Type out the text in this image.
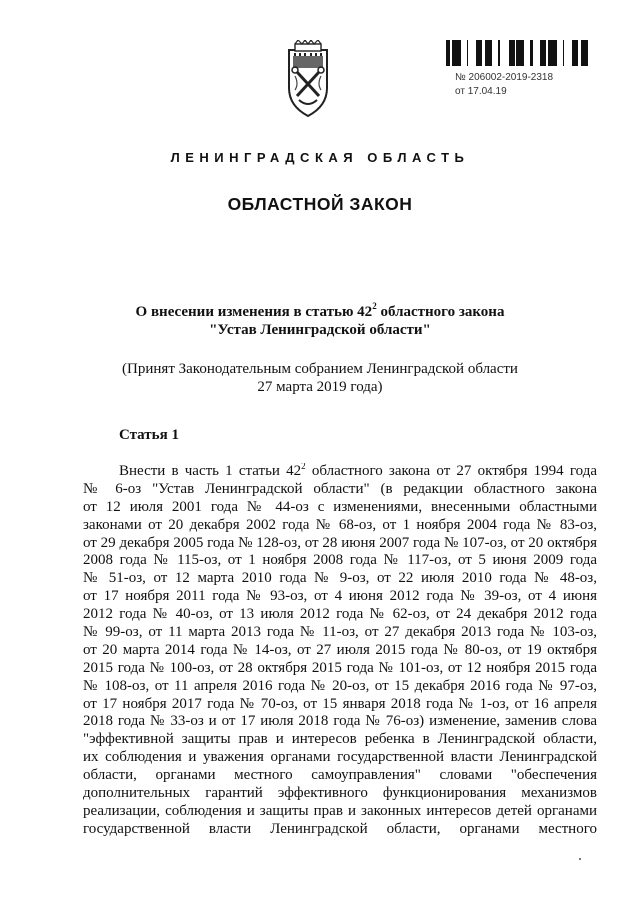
№ 206002-2019-2318
от 17.04.19
ЛЕНИНГРАДСКАЯ ОБЛАСТЬ
ОБЛАСТНОЙ ЗАКОН
О внесении изменения в статью $42^2$ областного закона
"Устав Ленинградской области"
(Принят Законодательным собранием Ленинградской области
27 марта 2019 года)
Статья 1
Внести в часть 1 статьи $42^2$ областного закона от 27 октября 1994 года
№ 6-оз "Устав Ленинградской области" (в редакции областного закона
от 12 июля 2001 года № 44-оз с изменениями, внесенными областными
законами от 20 декабря 2002 года № 68-оз, от 1 ноября 2004 года № 83-оз,
от 29 декабря 2005 года № 128-оз, от 28 июня 2007 года № 107-оз, от 20 октября
2008 года № 115-оз, от 1 ноября 2008 года № 117-оз, от 5 июня 2009 года
№ 51-оз, от 12 марта 2010 года № 9-оз, от 22 июля 2010 года № 48-оз,
от 17 ноября 2011 года № 93-оз, от 4 июня 2012 года № 39-оз, от 4 июня
2012 года № 40-оз, от 13 июля 2012 года № 62-оз, от 24 декабря 2012 года
№ 99-оз, от 11 марта 2013 года № 11-оз, от 27 декабря 2013 года № 103-оз,
от 20 марта 2014 года № 14-оз, от 27 июля 2015 года № 80-оз, от 19 октября
2015 года № 100-оз, от 28 октября 2015 года № 101-оз, от 12 ноября 2015 года
№ 108-оз, от 11 апреля 2016 года № 20-оз, от 15 декабря 2016 года № 97-оз,
от 17 ноября 2017 года № 70-оз, от 15 января 2018 года № 1-оз, от 16 апреля
2018 года № 33-оз и от 17 июля 2018 года № 76-оз) изменение, заменив слова
"эффективной защиты прав и интересов ребенка в Ленинградской области,
их соблюдения и уважения органами государственной власти Ленинградской
области, органами местного самоуправления" словами "обеспечения
дополнительных гарантий эффективного функционирования механизмов
реализации, соблюдения и защиты прав и законных интересов детей органами
государственной власти Ленинградской области, органами местного
